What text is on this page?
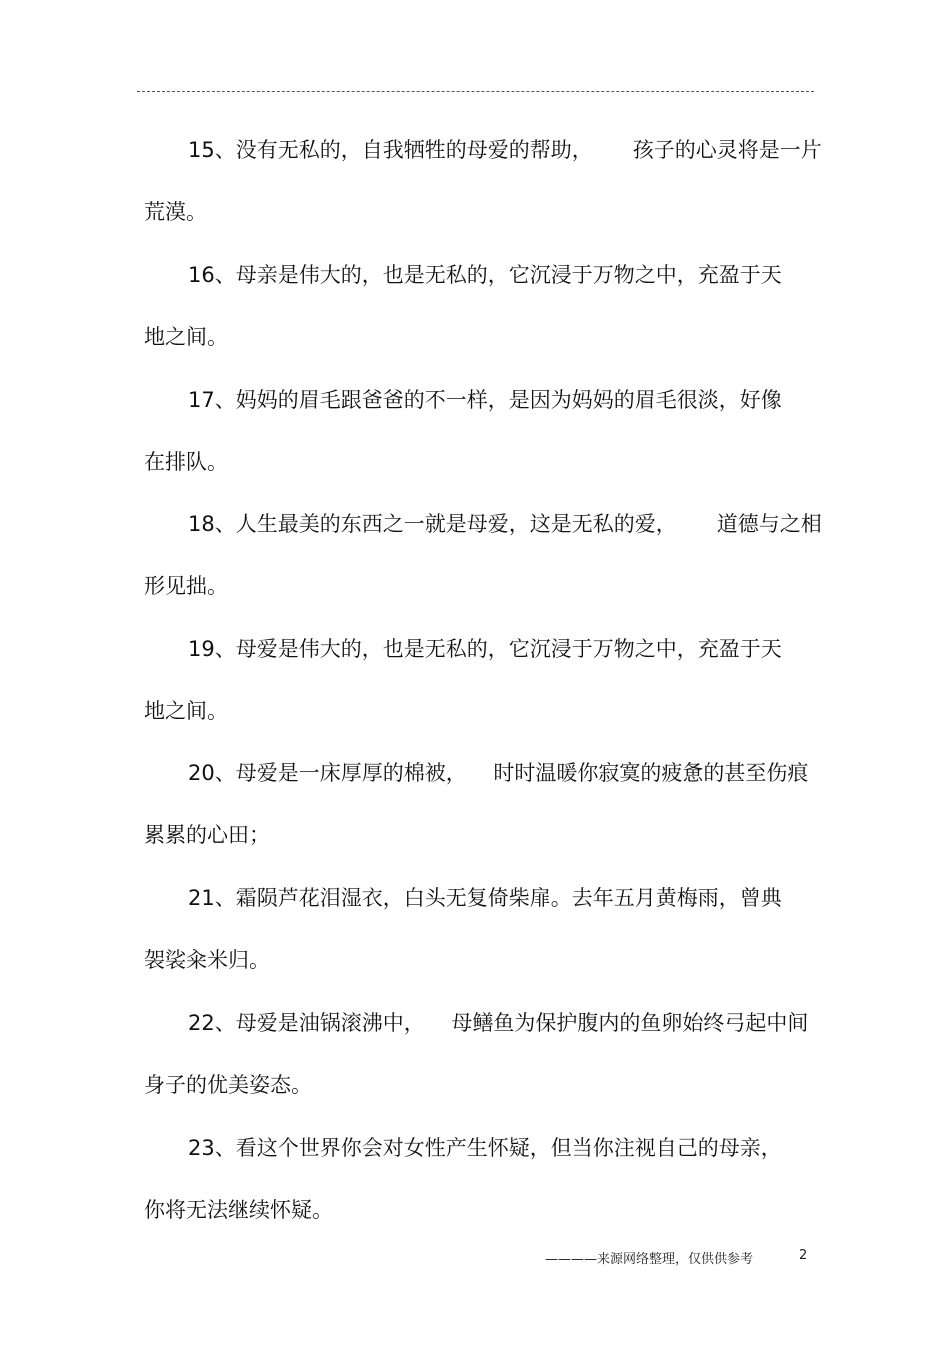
15、没有无私的，自我牺牲的母爱的帮助，      孩子的心灵将是一片
荒漠。
16、母亲是伟大的，也是无私的，它沉浸于万物之中，充盈于天
地之间。
17、妈妈的眉毛跟爸爸的不一样，是因为妈妈的眉毛很淡，好像
在排队。
18、人生最美的东西之一就是母爱，这是无私的爱，      道德与之相
形见拙。
19、母爱是伟大的，也是无私的，它沉浸于万物之中，充盈于天
地之间。
20、母爱是一床厚厚的棉被，    时时温暖你寂寞的疲惫的甚至伤痕
累累的心田；
21、霜陨芦花泪湿衣，白头无复倚柴扉。去年五月黄梅雨，曾典
袈裟籴米归。
22、母爱是油锅滚沸中，    母鳝鱼为保护腹内的鱼卵始终弓起中间
身子的优美姿态。
23、看这个世界你会对女性产生怀疑，但当你注视自己的母亲，
你将无法继续怀疑。
————来源网络整理，仅供供参考	2
